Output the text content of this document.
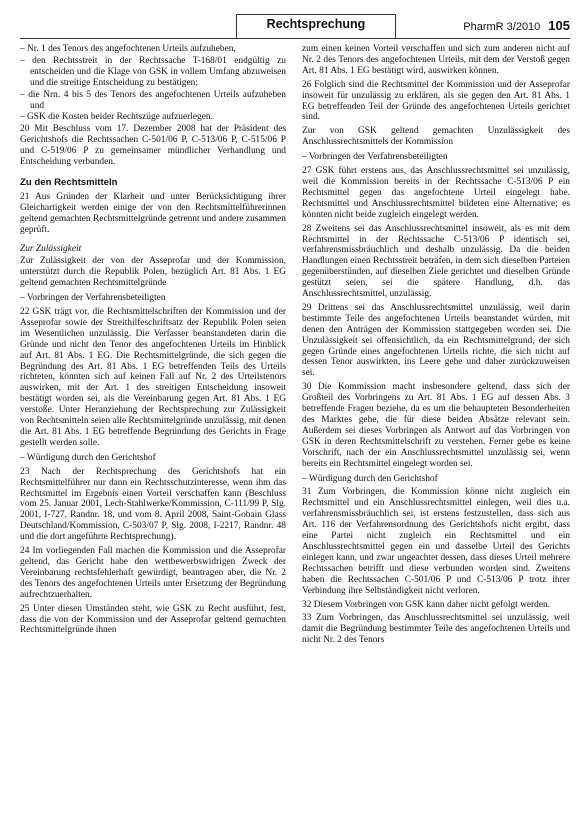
Rechtsprechung	PharmR 3/2010 105

– Nr. 1 des Tenors des angefochtenen Urteils aufzuheben,

– den Rechtsstreit in der Rechtssache T-168/01 endgültig zu entscheiden und die Klage von GSK in vollem Umfang abzuweisen und die streitige Entscheidung zu bestätigen;

– die Nrn. 4 bis 5 des Tenors des angefochtenen Urteils aufzuheben und

– GSK die Kosten beider Rechtszüge aufzuerlegen.

20 Mit Beschluss vom 17. Dezember 2008 hat der Präsident des Gerichtshofs die Rechtssachen C-501/06 P, C-513/06 P, C-515/06 P und C-519/06 P zu gemeinsamer mündlicher Verhandlung und Entscheidung verbunden.

Zu den Rechtsmitteln

21 Aus Gründen der Klarheit und unter Berücksichtigung ihrer Gleichartigkeit werden einige der von den Rechtsmittelführerinnen geltend gemachten Rechtsmittelgründe getrennt und andere zusammen geprüft.

Zur Zulässigkeit

Zur Zulässigkeit der von der Asseprofar und der Kommission, unterstützt durch die Republik Polen, bezüglich Art. 81 Abs. 1 EG geltend gemachten Rechtsmittelgründe

– Vorbringen der Verfahrensbeteiligten

22 GSK trägt vor, die Rechtsmittelschriften der Kommission und der Asseprofar sowie der Streithilfeschriftsatz der Republik Polen seien im Wesentlichen unzulässig. Die Verfasser beanstandeten darin die Gründe und nicht den Tenor des angefochtenen Urteils im Hinblick auf Art. 81 Abs. 1 EG. Die Rechtsmittelgründe, die sich gegen die Begründung des Art. 81 Abs. 1 EG betreffenden Teils des Urteils richteten, könnten sich auf keinen Fall auf Nr. 2 des Urteilstenors auswirken, mit der Art. 1 des streitigen Entscheidung insoweit bestätigt worden sei, als die Vereinbarung gegen Art. 81 Abs. 1 EG verstoße. Unter Heranziehung der Rechtsprechung zur Zulässigkeit von Rechtsmitteln seien alle Rechtsmittelgründe unzulässig, mit denen die Art. 81 Abs. 1 EG betreffende Begründung des Gerichts in Frage gestellt werden solle.

– Würdigung durch den Gerichtshof

23 Nach der Rechtsprechung des Gerichtshofs hat ein Rechtsmittelführer nur dann ein Rechtsschutzinteresse, wenn ihm das Rechtsmittel im Ergebnis einen Vorteil verschaffen kann (Beschluss vom 25. Januar 2001, Lech-Stahlwerke/Kommission, C-111/99 P, Slg. 2001, I-727, Randnr. 18, und vom 8. April 2008, Saint-Gobain Glass Deutschland/Kommission, C-503/07 P, Slg. 2008, I-2217, Randnr. 48 und die dort angeführte Rechtsprechung).

24 Im vorliegenden Fall machen die Kommission und die Asseprofar geltend, das Gericht habe den wettbewerbswidrigen Zweck der Vereinbarung rechtsfehlerhaft gewürdigt, beantragen aber, die Nr. 2 des Tenors des angefochtenen Urteils unter Ersetzung der Begründung aufrechtzuerhalten.

25 Unter diesen Umständen steht, wie GSK zu Recht ausführt, fest, dass die von der Kommission und der Asseprofar geltend gemachten Rechtsmittelgründe ihnen

zum einen keinen Vorteil verschaffen und sich zum anderen nicht auf Nr. 2 des Tenors des angefochtenen Urteils, mit dem der Verstoß gegen Art. 81 Abs. 1 EG bestätigt wird, auswirken können.

26 Folglich sind die Rechtsmittel der Kommission und der Asseprofar insoweit für unzulässig zu erklären, als sie gegen den Art. 81 Abs. 1 EG betreffenden Teil der Gründe des angefochtenen Urteils gerichtet sind.

Zur von GSK geltend gemachten Unzulässigkeit des Anschlussrechtsmittels der Kommission

– Vorbringen der Verfahrensbeteiligten

27 GSK führt erstens aus, das Anschlussrechtsmittel sei unzulässig, weil die Kommission bereits in der Rechtssache C-513/06 P ein Rechtsmittel gegen das angefochtene Urteil eingelegt habe. Rechtsmittel und Anschlussrechtsmittel bildeten eine Alternative; es könnten nicht beide zugleich eingelegt werden.

28 Zweitens sei das Anschlussrechtsmittel insoweit, als es mit dem Rechtsmittel in der Rechtssache C-513/06 P identisch sei, verfahrensmissbräuchlich und deshalb unzulässig. Da die beiden Handlungen einen Rechtsstreit beträfen, in dem sich dieselben Parteien gegenüberstünden, auf dieselben Ziele gerichtet und dieselben Gründe gestützt seien, sei die spätere Handlung, d.h. das Anschlussrechtsmittel, unzulässig.

29 Drittens sei das Anschlussrechtsmittel unzulässig, weil darin bestimmte Teile des angefochtenen Urteils beanstandet würden, mit denen den Anträgen der Kommission stattgegeben worden sei. Die Unzulässigkeit sei offensichtlich, da ein Rechtsmittelgrund, der sich gegen Gründe eines angefochtenen Urteils richte, die sich nicht auf dessen Tenor auswirkten, ins Leere gehe und daher zurückzuweisen sei.

30 Die Kommission macht insbesondere geltend, dass sich der Großteil des Vorbringens zu Art. 81 Abs. 1 EG auf dessen Abs. 3 betreffende Fragen beziehe, da es um die behaupteten Besonderheiten des Marktes gehe, die für diese beiden Absätze relevant sein. Außerdem sei dieses Vorbringen als Antwort auf das Vorbringen von GSK in deren Rechtsmittelschrift zu verstehen. Ferner gebe es keine Vorschrift, nach der ein Anschlussrechtsmittel unzulässig sei, wenn bereits ein Rechtsmittel eingelegt worden sei.

– Würdigung durch den Gerichtshof

31 Zum Vorbringen, die Kommission könne nicht zugleich ein Rechtsmittel und ein Anschlussrechtsmittel einlegen, weil dies u.a. verfahrensmissbräuchlich sei, ist erstens festzustellen, dass sich aus Art. 116 der Verfahrensordnung des Gerichtshofs nicht ergibt, dass eine Partei nicht zugleich ein Rechtsmittel und ein Anschlussrechtsmittel gegen ein und dasselbe Urteil des Gerichts einlegen kann, und zwar ungeachtet dessen, dass dieses Urteil mehrere Rechtssachen betrifft und diese verbunden worden sind. Zweitens haben die Rechtssachen C-501/06 P und C-513/06 P trotz ihrer Verbindung ihre Selbständigkeit nicht verloren.

32 Diesem Vorbringen von GSK kann daher nicht gefolgt werden.

33 Zum Vorbringen, das Anschlussrechtsmittel sei unzulässig, weil damit die Begründung bestimmter Teile des angefochtenen Urteils und nicht Nr. 2 des Tenors
